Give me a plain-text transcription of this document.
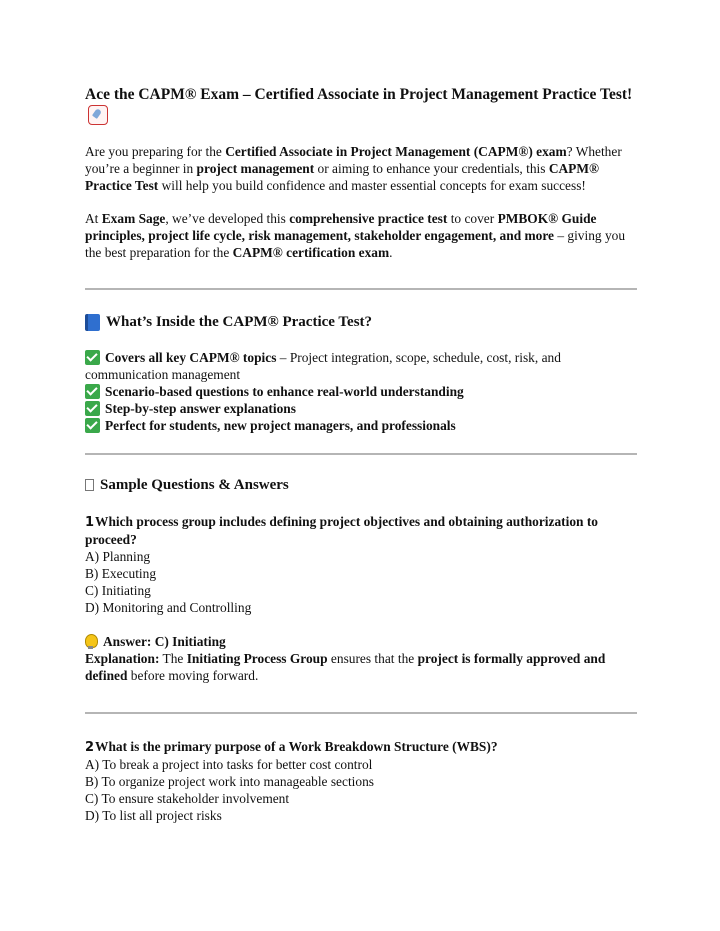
Ace the CAPM® Exam – Certified Associate in Project Management Practice Test!

Are you preparing for the Certified Associate in Project Management (CAPM®) exam? Whether you’re a beginner in project management or aiming to enhance your credentials, this CAPM® Practice Test will help you build confidence and master essential concepts for exam success!

At Exam Sage, we’ve developed this comprehensive practice test to cover PMBOK® Guide principles, project life cycle, risk management, stakeholder engagement, and more – giving you the best preparation for the CAPM® certification exam.

What’s Inside the CAPM® Practice Test?
Covers all key CAPM® topics – Project integration, scope, schedule, cost, risk, and communication management
Scenario-based questions to enhance real-world understanding
Step-by-step answer explanations
Perfect for students, new project managers, and professionals
Sample Questions & Answers

1Which process group includes defining project objectives and obtaining authorization to proceed?

A) Planning

B) Executing

C) Initiating

D) Monitoring and Controlling

Answer: C) Initiating

Explanation: The Initiating Process Group ensures that the project is formally approved and defined before moving forward.

2What is the primary purpose of a Work Breakdown Structure (WBS)?

A) To break a project into tasks for better cost control

B) To organize project work into manageable sections

C) To ensure stakeholder involvement

D) To list all project risks
